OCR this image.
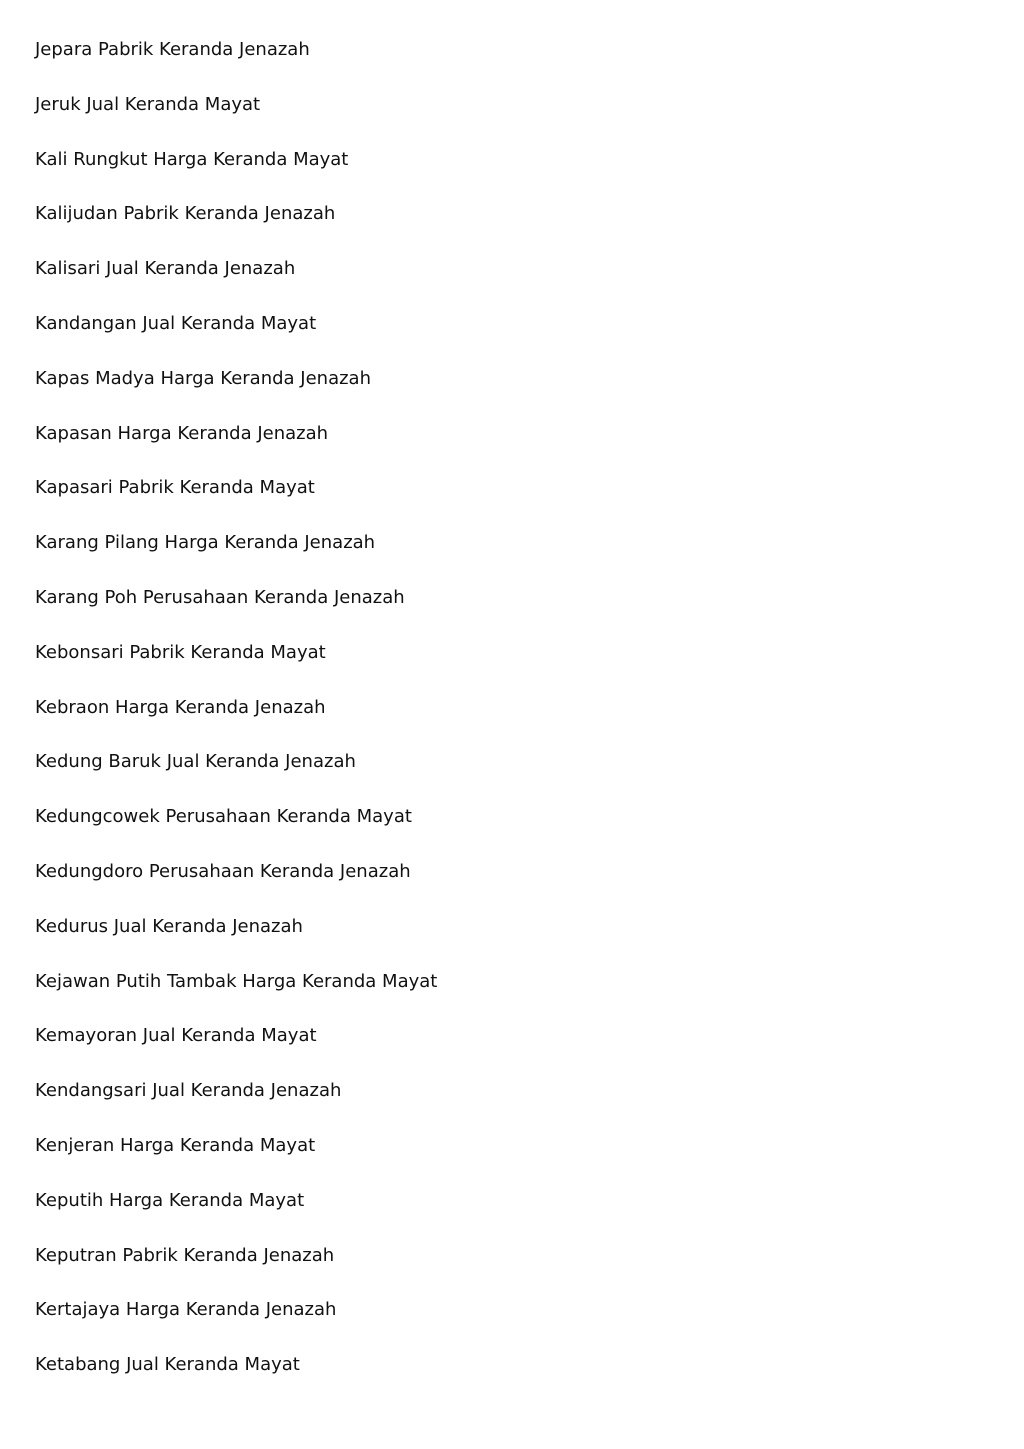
Jepara Pabrik Keranda Jenazah
Jeruk Jual Keranda Mayat
Kali Rungkut Harga Keranda Mayat
Kalijudan Pabrik Keranda Jenazah
Kalisari Jual Keranda Jenazah
Kandangan Jual Keranda Mayat
Kapas Madya Harga Keranda Jenazah
Kapasan Harga Keranda Jenazah
Kapasari Pabrik Keranda Mayat
Karang Pilang Harga Keranda Jenazah
Karang Poh Perusahaan Keranda Jenazah
Kebonsari Pabrik Keranda Mayat
Kebraon Harga Keranda Jenazah
Kedung Baruk Jual Keranda Jenazah
Kedungcowek Perusahaan Keranda Mayat
Kedungdoro Perusahaan Keranda Jenazah
Kedurus Jual Keranda Jenazah
Kejawan Putih Tambak Harga Keranda Mayat
Kemayoran Jual Keranda Mayat
Kendangsari Jual Keranda Jenazah
Kenjeran Harga Keranda Mayat
Keputih Harga Keranda Mayat
Keputran Pabrik Keranda Jenazah
Kertajaya Harga Keranda Jenazah
Ketabang Jual Keranda Mayat
